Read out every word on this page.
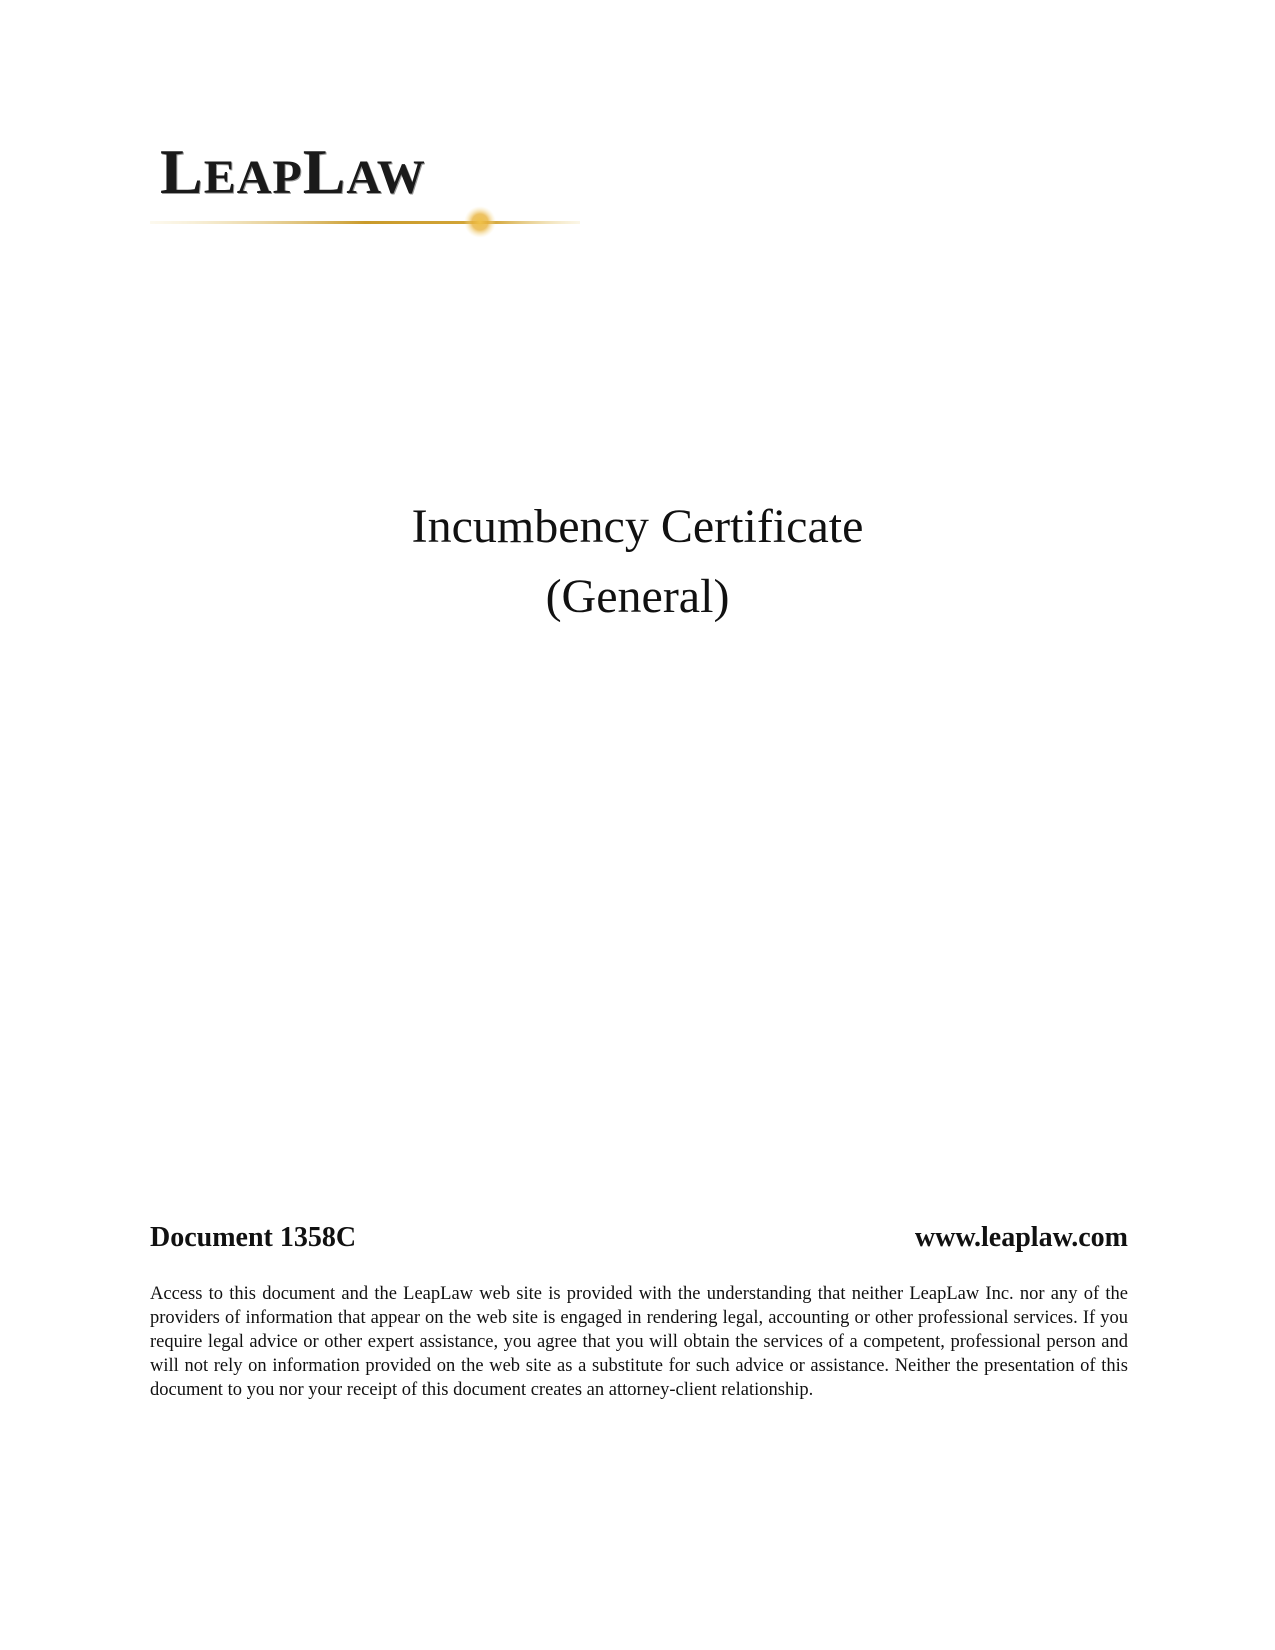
LEAPLAW
Incumbency Certificate
(General)
Document 1358C	www.leaplaw.com
Access to this document and the LeapLaw web site is provided with the understanding that neither LeapLaw Inc. nor any of the providers of information that appear on the web site is engaged in rendering legal, accounting or other professional services. If you require legal advice or other expert assistance, you agree that you will obtain the services of a competent, professional person and will not rely on information provided on the web site as a substitute for such advice or assistance. Neither the presentation of this document to you nor your receipt of this document creates an attorney-client relationship.
